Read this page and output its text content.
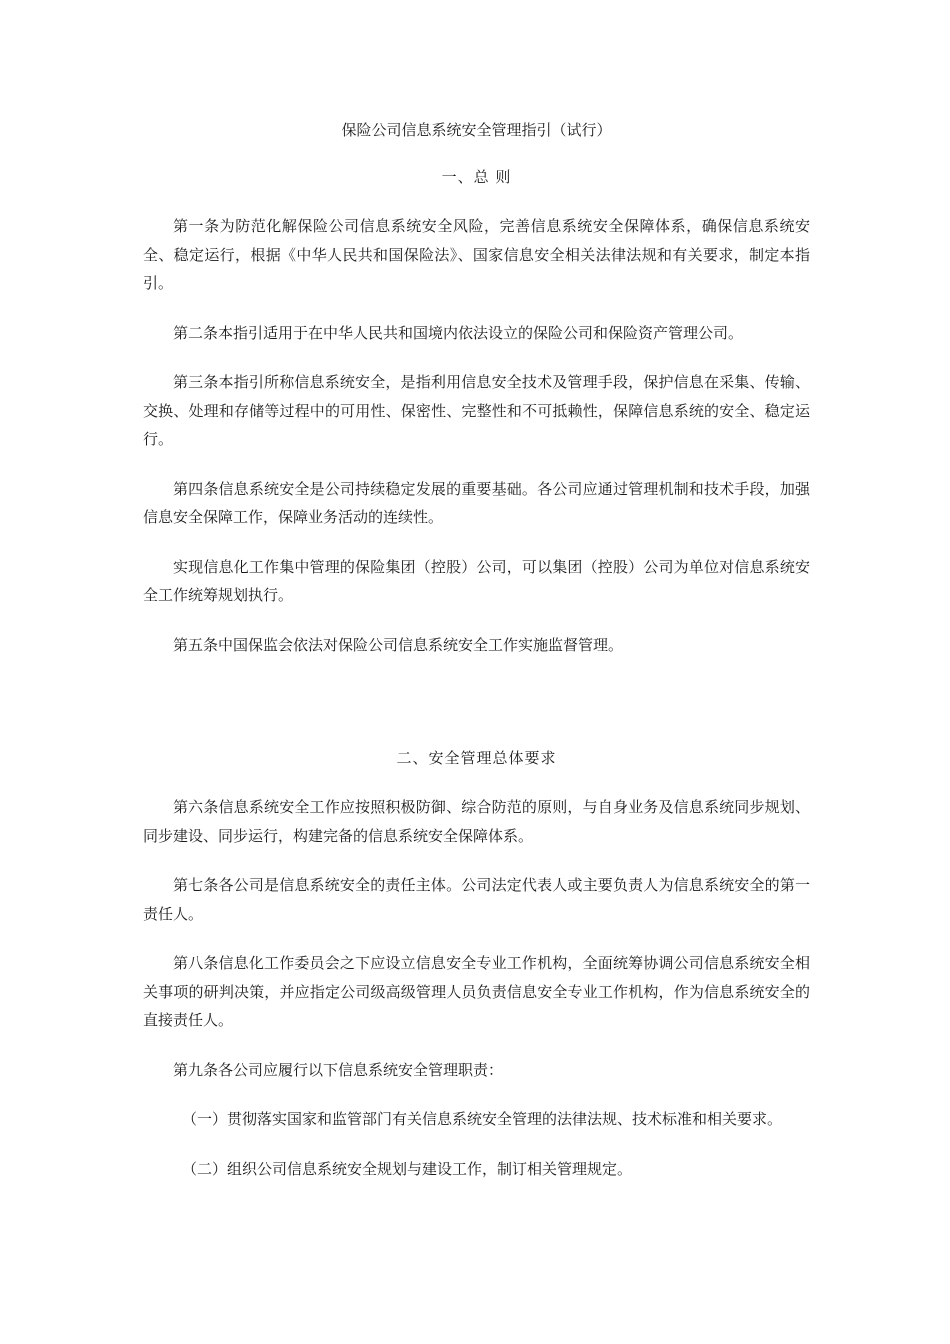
保险公司信息系统安全管理指引（试行）
一、总 则

第一条为防范化解保险公司信息系统安全风险，完善信息系统安全保障体系，确保信息系统安全、稳定运行，根据《中华人民共和国保险法》、国家信息安全相关法律法规和有关要求，制定本指引。

第二条本指引适用于在中华人民共和国境内依法设立的保险公司和保险资产管理公司。

第三条本指引所称信息系统安全，是指利用信息安全技术及管理手段，保护信息在采集、传输、交换、处理和存储等过程中的可用性、保密性、完整性和不可抵赖性，保障信息系统的安全、稳定运行。

第四条信息系统安全是公司持续稳定发展的重要基础。各公司应通过管理机制和技术手段，加强信息安全保障工作，保障业务活动的连续性。

实现信息化工作集中管理的保险集团（控股）公司，可以集团（控股）公司为单位对信息系统安全工作统筹规划执行。

第五条中国保监会依法对保险公司信息系统安全工作实施监督管理。

二、安全管理总体要求

第六条信息系统安全工作应按照积极防御、综合防范的原则，与自身业务及信息系统同步规划、同步建设、同步运行，构建完备的信息系统安全保障体系。

第七条各公司是信息系统安全的责任主体。公司法定代表人或主要负责人为信息系统安全的第一责任人。

第八条信息化工作委员会之下应设立信息安全专业工作机构，全面统筹协调公司信息系统安全相关事项的研判决策，并应指定公司级高级管理人员负责信息安全专业工作机构，作为信息系统安全的直接责任人。

第九条各公司应履行以下信息系统安全管理职责：

（一）贯彻落实国家和监管部门有关信息系统安全管理的法律法规、技术标准和相关要求。

（二）组织公司信息系统安全规划与建设工作，制订相关管理规定。
